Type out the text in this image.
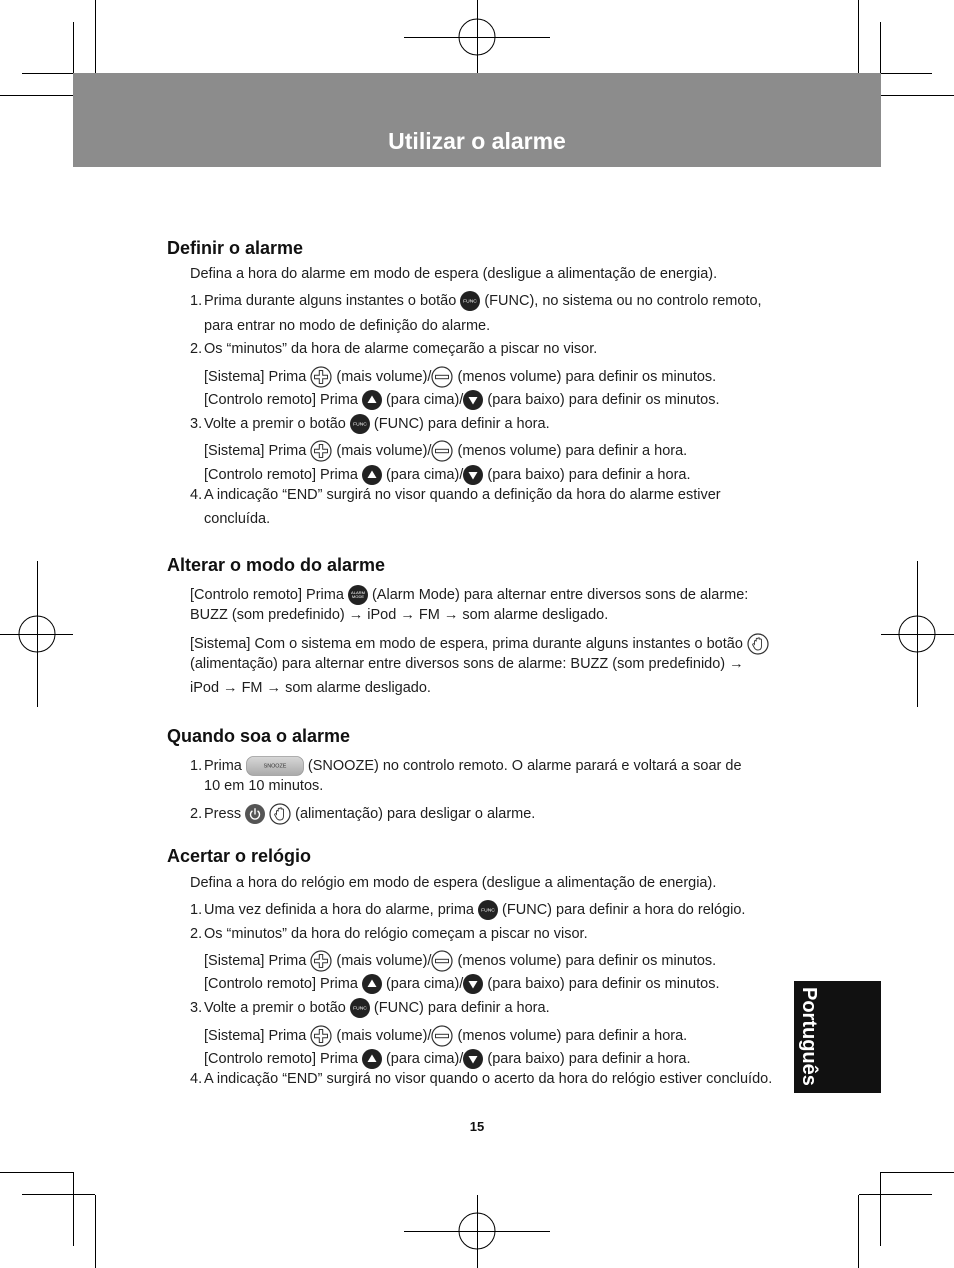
Utilizar o alarme
Definir o alarme
Defina a hora do alarme em modo de espera (desligue a alimentação de energia).
1. Prima durante alguns instantes o botão FUNC (FUNC), no sistema ou no controlo remoto,
para entrar no modo de definição do alarme.
2. Os “minutos” da hora de alarme começarão a piscar no visor.
[Sistema] Prima
(mais volume)/
(menos volume) para definir os minutos.
[Controlo remoto] Prima
(para cima)/
(para baixo) para definir os minutos.
3. Volte a premir o botão FUNC (FUNC) para definir a hora.
[Sistema] Prima
(mais volume)/
(menos volume) para definir a hora.
[Controlo remoto] Prima
(para cima)/
(para baixo) para definir a hora.
4. A indicação “END” surgirá no visor quando a definição da hora do alarme estiver
concluída.
Alterar o modo do alarme
[Controlo remoto] Prima ALARM
MODE (Alarm Mode) para alternar entre diversos sons de alarme:
BUZZ (som predefinido) → iPod → FM → som alarme desligado.
[Sistema] Com o sistema em modo de espera, prima durante alguns instantes o botão
(alimentação) para alternar entre diversos sons de alarme: BUZZ (som predefinido) →
iPod → FM → som alarme desligado.
Quando soa o alarme
1. Prima SNOOZE (SNOOZE) no controlo remoto. O alarme parará e voltará a soar de
10 em 10 minutos.
2. Press
	(alimentação) para desligar o alarme.
Acertar o relógio
Defina a hora do relógio em modo de espera (desligue a alimentação de energia).
1. Uma vez definida a hora do alarme, prima FUNC (FUNC) para definir a hora do relógio.
2. Os “minutos” da hora do relógio começam a piscar no visor.
[Sistema] Prima
(mais volume)/
(menos volume) para definir os minutos.
[Controlo remoto] Prima
(para cima)/
(para baixo) para definir os minutos.
3. Volte a premir o botão FUNC (FUNC) para definir a hora.
[Sistema] Prima
(mais volume)/
(menos volume) para definir a hora.
[Controlo remoto] Prima
(para cima)/
(para baixo) para definir a hora.
4. A indicação “END” surgirá no visor quando o acerto da hora do relógio estiver concluído. Português
15
